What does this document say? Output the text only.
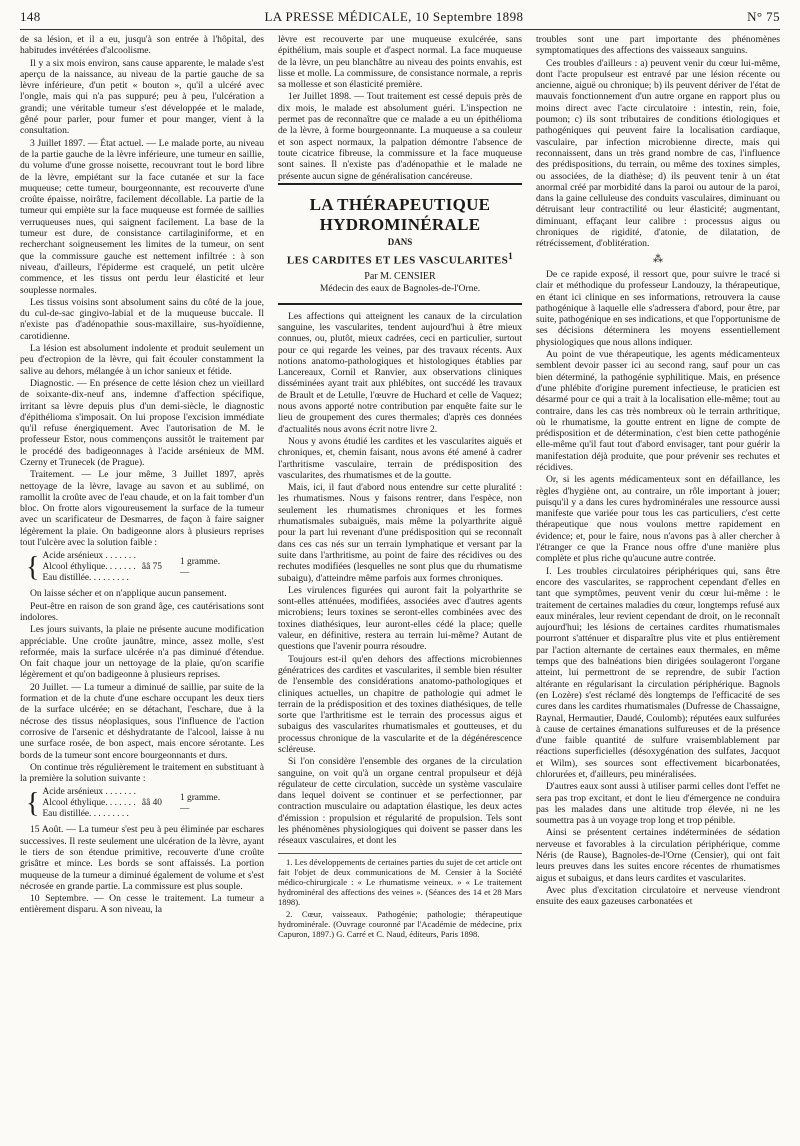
148	LA PRESSE MÉDICALE, 10 Septembre 1898	N° 75

de sa lésion, et il a eu, jusqu'à son entrée à l'hôpital, des habitudes invétérées d'alcoolisme.

Il y a six mois environ, sans cause apparente, le malade s'est aperçu de la naissance, au niveau de la partie gauche de sa lèvre inférieure, d'un petit « bouton », qu'il a ulcéré avec l'ongle, mais qui n'a pas suppuré; peu à peu, l'ulcération a grandi; une véritable tumeur s'est développée et le malade, gêné pour parler, pour fumer et pour manger, vient à la consultation.

3 Juillet 1897. — État actuel. — Le malade porte, au niveau de la partie gauche de la lèvre inférieure, une tumeur en saillie, du volume d'une grosse noisette, recouvrant tout le bord libre de la lèvre, empiétant sur la face cutanée et sur la face muqueuse; cette tumeur, bourgeonnante, est recouverte d'une croûte épaisse, noirâtre, facilement décollable. La partie de la tumeur qui empiète sur la face muqueuse est formée de saillies verruqueuses nues, qui saignent facilement. La base de la tumeur est dure, de consistance cartilaginiforme, et en recherchant soigneusement les limites de la tumeur, on sent que la commissure gauche est nettement infiltrée : à son niveau, d'ailleurs, l'épiderme est craquelé, un petit ulcère commence, et les tissus ont perdu leur élasticité et leur souplesse normales.

Les tissus voisins sont absolument sains du côté de la joue, du cul-de-sac gingivo-labial et de la muqueuse buccale. Il n'existe pas d'adénopathie sous-maxillaire, sus-hyoïdienne, carotidienne.

La lésion est absolument indolente et produit seulement un peu d'ectropion de la lèvre, qui fait écouler constamment la salive au dehors, mélangée à un ichor sanieux et fétide.

Diagnostic. — En présence de cette lésion chez un vieillard de soixante-dix-neuf ans, indemne d'affection spécifique, irritant sa lèvre depuis plus d'un demi-siècle, le diagnostic d'épithélioma s'imposait. On lui propose l'excision immédiate qu'il refuse énergiquement. Avec l'autorisation de M. le professeur Estor, nous commençons aussitôt le traitement par le procédé des badigeonnages à l'acide arsénieux de MM. Czerny et Trunecek (de Prague).

Traitement. — Le jour même, 3 Juillet 1897, après nettoyage de la lèvre, lavage au savon et au sublimé, on ramollit la croûte avec de l'eau chaude, et on la fait tomber d'un bloc. On frotte alors vigoureusement la surface de la tumeur avec un scarificateur de Desmarres, de façon à faire saigner légèrement la plaie. On badigeonne alors à plusieurs reprises tout l'ulcère avec la solution faible :

{ Acide arsénieux . . . . . . .
Alcool éthylique. . . . . . .
Eau distillée. . . . . . . . .
ââ 75
1 gramme.
—

On laisse sécher et on n'applique aucun pansement.

Peut-être en raison de son grand âge, ces cautérisations sont indolores.

Les jours suivants, la plaie ne présente aucune modification appréciable. Une croûte jaunâtre, mince, assez molle, s'est reformée, mais la surface ulcérée n'a pas diminué d'étendue. On fait chaque jour un nettoyage de la plaie, qu'on scarifie légèrement et qu'on badigeonne à plusieurs reprises.

20 Juillet. — La tumeur a diminué de saillie, par suite de la formation et de la chute d'une eschare occupant les deux tiers de la surface ulcérée; en se détachant, l'eschare, due à la nécrose des tissus néoplasiques, sous l'influence de l'action corrosive de l'arsenic et déshydratante de l'alcool, laisse à nu une surface rosée, de bon aspect, mais encore sérotante. Les bords de la tumeur sont encore bourgeonnants et durs.

On continue très régulièrement le traitement en substituant à la première la solution suivante :

{ Acide arsénieux . . . . . . .
Alcool éthylique. . . . . . .
Eau distillée. . . . . . . . .
ââ 40
1 gramme.
—

15 Août. — La tumeur s'est peu à peu éliminée par eschares successives. Il reste seulement une ulcération de la lèvre, ayant le tiers de son étendue primitive, recouverte d'une croûte grisâtre et mince. Les bords se sont affaissés. La portion muqueuse de la tumeur a diminué également de volume et s'est nécrosée en grande partie. La commissure est plus souple.

10 Septembre. — On cesse le traitement. La tumeur a entièrement disparu. A son niveau, la

lèvre est recouverte par une muqueuse exulcérée, sans épithélium, mais souple et d'aspect normal. La face muqueuse de la lèvre, un peu blanchâtre au niveau des points envahis, est lisse et molle. La commissure, de consistance normale, a repris sa mollesse et son élasticité première.

1er Juillet 1898. — Tout traitement est cessé depuis près de dix mois, le malade est absolument guéri. L'inspection ne permet pas de reconnaître que ce malade a eu un épithélioma de la lèvre, à forme bourgeonnante. La muqueuse a sa couleur et son aspect normaux, la palpation démontre l'absence de toute cicatrice fibreuse, la commissure et la face muqueuse sont saines. Il n'existe pas d'adénopathie et le malade ne présente aucun signe de généralisation cancéreuse.

LA THÉRAPEUTIQUE HYDROMINÉRALE
DANS
LES CARDITES ET LES VASCULARITES$^1$
Par M. CENSIER
Médecin des eaux de Bagnoles-de-l'Orne.

Les affections qui atteignent les canaux de la circulation sanguine, les vascularites, tendent aujourd'hui à être mieux connues, ou, plutôt, mieux cadrées, ceci en particulier, surtout pour ce qui regarde les veines, par des travaux récents. Aux notions anatomo-pathologiques et histologiques établies par Lancereaux, Cornil et Ranvier, aux observations cliniques disséminées ayant trait aux phlébites, ont succédé les travaux de Brault et de Letulle, l'œuvre de Huchard et celle de Vaquez; nous avons apporté notre contribution par enquête faite sur le lieu de groupement des cures thermales; d'après ces données d'actualités nous avons écrit notre livre 2.

Nous y avons étudié les cardites et les vascularites aiguës et chroniques, et, chemin faisant, nous avons été amené à cadrer l'arthritisme vasculaire, terrain de prédisposition des vascularites, des rhumatismes et de la goutte.

Mais, ici, il faut d'abord nous entendre sur cette pluralité : les rhumatismes. Nous y faisons rentrer, dans l'espèce, non seulement les rhumatismes chroniques et les formes rhumatismales subaiguës, mais même la polyarthrite aiguë pour la part lui revenant d'une prédisposition qui se reconnaît dans ces cas nés sur un terrain lymphatique et versant par la suite dans l'arthritisme, au point de faire des récidives ou des rechutes modifiées (lesquelles ne sont plus que du rhumatisme subaigu), d'atteindre même parfois aux formes chroniques.

Les virulences figurées qui auront fait la polyarthrite se sont-elles atténuées, modifiées, associées avec d'autres agents microbiens; leurs toxines se seront-elles combinées avec des toxines diathésiques, leur auront-elles cédé la place; quelle valeur, en définitive, restera au terrain lui-même? Autant de questions que l'avenir pourra résoudre.

Toujours est-il qu'en dehors des affections microbiennes génératrices des cardites et vascularites, il semble bien résulter de l'ensemble des considérations anatomo-pathologiques et cliniques actuelles, un chapitre de pathologie qui admet le terrain de la prédisposition et des toxines diathésiques, de telle sorte que l'arthritisme est le terrain des processus aigus et subaigus des vascularites rhumatismales et goutteuses, et du processus chronique de la vascularite et de la dégénérescence scléreuse.

Si l'on considère l'ensemble des organes de la circulation sanguine, on voit qu'à un organe central propulseur et déjà régulateur de cette circulation, succède un système vasculaire dans lequel doivent se continuer et se perfectionner, par contraction musculaire ou adaptation élastique, les deux actes d'émission : propulsion et régularité de propulsion. Tels sont les phénomènes physiologiques qui doivent se passer dans les réseaux vasculaires, et dont les

1. Les développements de certaines parties du sujet de cet article ont fait l'objet de deux communications de M. Censier à la Société médico-chirurgicale : « Le rhumatisme veineux. » « Le traitement hydrominéral des affections des veines ». (Séances des 14 et 28 Mars 1898).

2. Cœur, vaisseaux. Pathogénie; pathologie; thérapeutique hydrominérale. (Ouvrage couronné par l'Académie de médecine, prix Capuron, 1897.) G. Carré et C. Naud, éditeurs, Paris 1898.

troubles sont une part importante des phénomènes symptomatiques des affections des vaisseaux sanguins.

Ces troubles d'ailleurs : a) peuvent venir du cœur lui-même, dont l'acte propulseur est entravé par une lésion récente ou ancienne, aiguë ou chronique; b) ils peuvent dériver de l'état de mauvais fonctionnement d'un autre organe en rapport plus ou moins direct avec l'acte circulatoire : intestin, rein, foie, poumon; c) ils sont tributaires de conditions étiologiques et pathogéniques qui peuvent faire la localisation cardiaque, vasculaire, par infection microbienne directe, mais qui reconnaissent, dans un très grand nombre de cas, l'influence des prédispositions, du terrain, ou même des toxines simples, ou associées, de la diathèse; d) ils peuvent tenir à un état anormal créé par morbidité dans la paroi ou autour de la paroi, dans la gaine celluleuse des conduits vasculaires, diminuant ou détruisant leur contractilité ou leur élasticité; augmentant, diminuant, effaçant leur calibre : processus aigus ou chroniques de rigidité, d'atonie, de dilatation, de rétrécissement, d'oblitération.

⁂

De ce rapide exposé, il ressort que, pour suivre le tracé si clair et méthodique du professeur Landouzy, la thérapeutique, en étant ici clinique en ses informations, retrouvera la cause pathogénique à laquelle elle s'adressera d'abord, pour être, par suite, pathogénique en ses indications, et que l'opportunisme de ses décisions déterminera les moyens essentiellement physiologiques que nous allons indiquer.

Au point de vue thérapeutique, les agents médicamenteux semblent devoir passer ici au second rang, sauf pour un cas bien déterminé, la pathogénie syphilitique. Mais, en présence d'une phlébite d'origine purement infectieuse, le praticien est désarmé pour ce qui a trait à la localisation elle-même; tout au contraire, dans les cas très nombreux où le terrain arthritique, où le rhumatisme, la goutte entrent en ligne de compte de prédisposition et de détermination, c'est bien cette pathogénie elle-même qu'il faut tout d'abord envisager, tant pour guérir la manifestation déjà produite, que pour prévenir ses rechutes et récidives.

Or, si les agents médicamenteux sont en défaillance, les règles d'hygiène ont, au contraire, un rôle important à jouer; puisqu'il y a dans les cures hydrominérales une ressource aussi manifeste que variée pour tous les cas particuliers, c'est cette thérapeutique que nous voulons mettre rapidement en évidence; et, pour le faire, nous n'avons pas à aller chercher à l'étranger ce que la France nous offre d'une manière plus complète et plus riche qu'aucune autre contrée.

I. Les troubles circulatoires périphériques qui, sans être encore des vascularites, se rapprochent cependant d'elles en tant que symptômes, peuvent venir du cœur lui-même : le traitement de certaines maladies du cœur, longtemps refusé aux eaux minérales, leur revient cependant de droit, on le reconnaît aujourd'hui; les lésions de certaines cardites rhumatismales pourront s'atténuer et disparaître plus vite et plus entièrement par l'action alternante de certaines eaux thermales, en même temps que des balnéations bien dirigées soulageront l'organe atteint, lui permettront de se reprendre, de subir l'action altérante en régularisant la circulation périphérique. Bagnols (en Lozère) s'est réclamé dès longtemps de l'efficacité de ses cures dans les cardites rhumatismales (Dufresse de Chassaigne, Raynal, Hermautier, Daudé, Coulomb); réputées eaux sulfurées à cause de certaines émanations sulfureuses et de la présence d'une faible quantité de sulfure vraisemblablement par réactions superficielles (désoxygénation des sulfates, Jacquot et Wilm), ses sources sont effectivement bicarbonatées, chlorurées et, d'ailleurs, peu minéralisées.

D'autres eaux sont aussi à utiliser parmi celles dont l'effet ne sera pas trop excitant, et dont le lieu d'émergence ne conduira pas les malades dans une altitude trop élevée, ni ne les soumettra pas à un voyage trop long et trop pénible.

Ainsi se présentent certaines indéterminées de sédation nerveuse et favorables à la circulation périphérique, comme Néris (de Rause), Bagnoles-de-l'Orne (Censier), qui ont fait leurs preuves dans les suites encore récentes de rhumatismes aigus et subaigus, et dans leurs cardites et vascularites.

Avec plus d'excitation circulatoire et nerveuse viendront ensuite des eaux gazeuses carbonatées et
